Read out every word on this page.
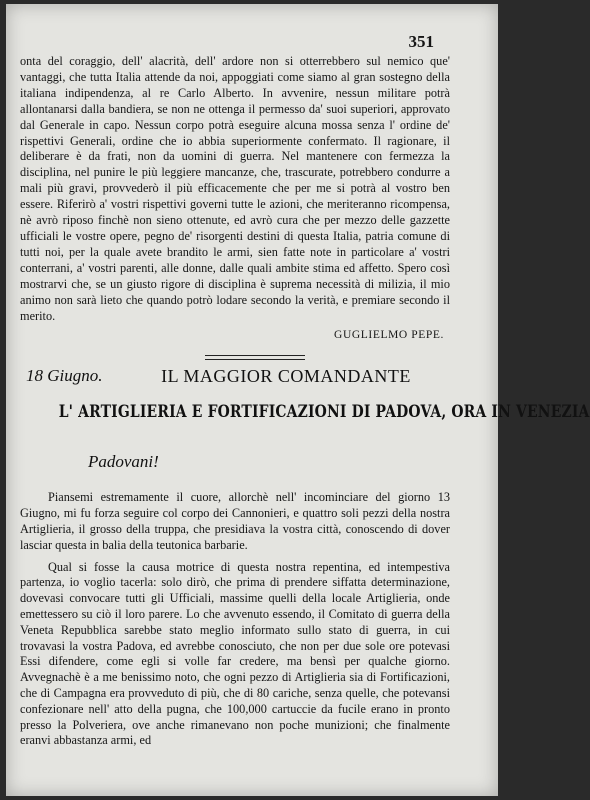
351

onta del coraggio, dell' alacrità, dell' ardore non si otterrebbero sul nemico que' vantaggi, che tutta Italia attende da noi, appoggiati come siamo al gran sostegno della italiana indipendenza, al re Carlo Alberto. In avvenire, nessun militare potrà allontanarsi dalla bandiera, se non ne ottenga il permesso da' suoi superiori, approvato dal Generale in capo. Nessun corpo potrà eseguire alcuna mossa senza l' ordine de' rispettivi Generali, ordine che io abbia superiormente confermato. Il ragionare, il deliberare è da frati, non da uomini di guerra. Nel mantenere con fermezza la disciplina, nel punire le più leggiere mancanze, che, trascurate, potrebbero condurre a mali più gravi, provvederò il più efficacemente che per me si potrà al vostro ben essere. Riferirò a' vostri rispettivi governi tutte le azioni, che meriteranno ricompensa, nè avrò riposo finchè non sieno ottenute, ed avrò cura che per mezzo delle gazzette ufficiali le vostre opere, pegno de' risorgenti destini di questa Italia, patria comune di tutti noi, per la quale avete brandito le armi, sien fatte note in particolare a' vostri conterrani, a' vostri parenti, alle donne, dalle quali ambite stima ed affetto. Spero così mostrarvi che, se un giusto rigore di disciplina è suprema necessità di milizia, il mio animo non sarà lieto che quando potrò lodare secondo la verità, e premiare secondo il merito.

GUGLIELMO PEPE.
18 Giugno.	IL MAGGIOR COMANDANTE
L' ARTIGLIERIA E FORTIFICAZIONI DI PADOVA, ORA IN VENEZIA
Padovani!

Piansemi estremamente il cuore, allorchè nell' incominciare del giorno 13 Giugno, mi fu forza seguire col corpo dei Cannonieri, e quattro soli pezzi della nostra Artiglieria, il grosso della truppa, che presidiava la vostra città, conoscendo di dover lasciar questa in balia della teutonica barbarie.

Qual si fosse la causa motrice di questa nostra repentina, ed intempestiva partenza, io voglio tacerla: solo dirò, che prima di prendere siffatta determinazione, dovevasi convocare tutti gli Ufficiali, massime quelli della locale Artiglieria, onde emettessero su ciò il loro parere. Lo che avvenuto essendo, il Comitato di guerra della Veneta Repubblica sarebbe stato meglio informato sullo stato di guerra, in cui trovavasi la vostra Padova, ed avrebbe conosciuto, che non per due sole ore potevasi Essi difendere, come egli si volle far credere, ma bensì per qualche giorno. Avvegnachè è a me benissimo noto, che ogni pezzo di Artiglieria sia di Fortificazioni, che di Campagna era provveduto di più, che di 80 cariche, senza quelle, che potevansi confezionare nell' atto della pugna, che 100,000 cartuccie da fucile erano in pronto presso la Polveriera, ove anche rimanevano non poche munizioni; che finalmente eranvi abbastanza armi, ed
